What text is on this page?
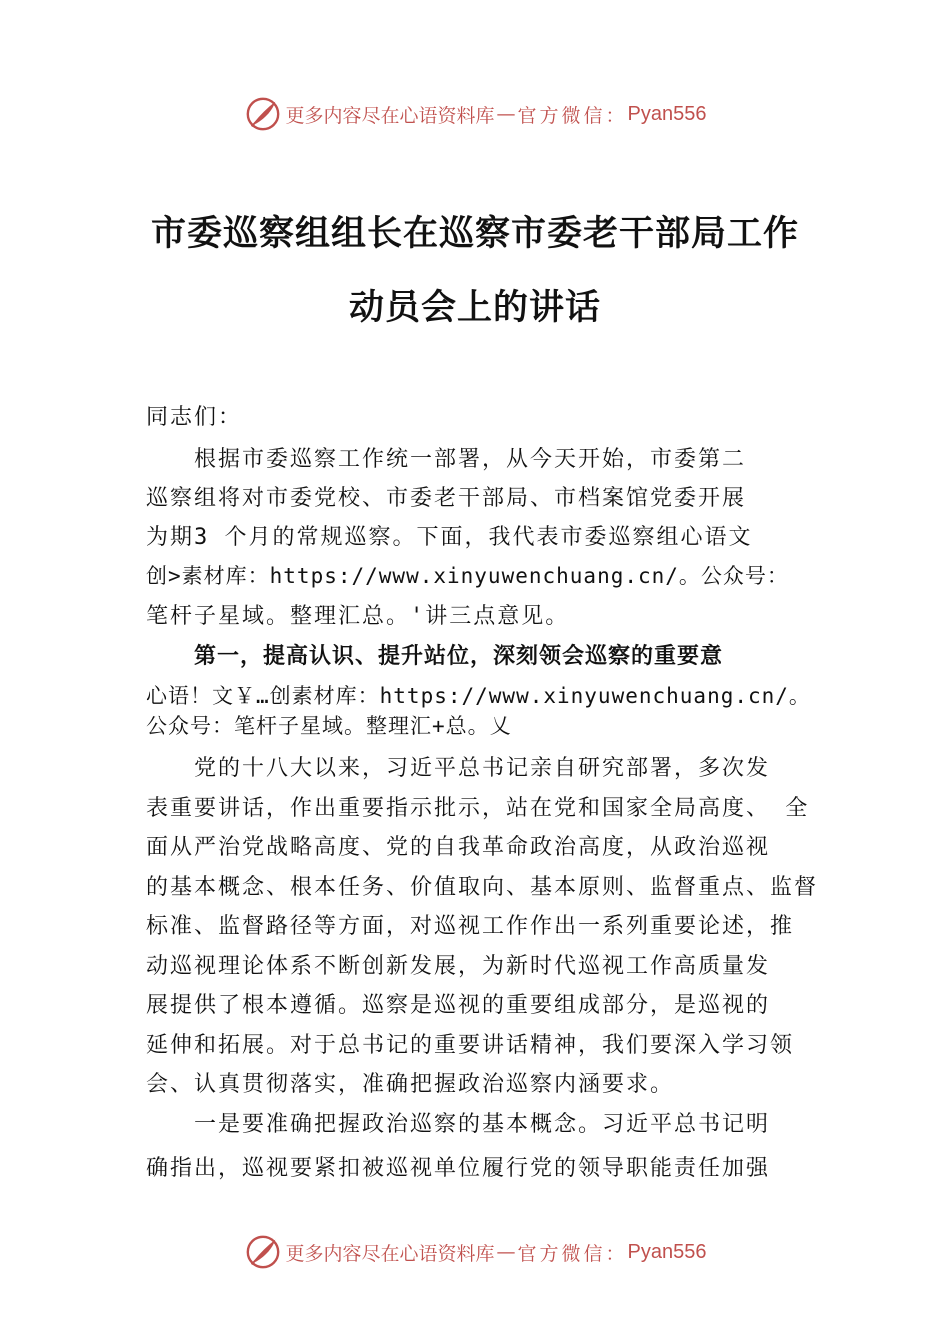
更多内容尽在心语资料库 — 官方微信： Pyan556
市委巡察组组长在巡察市委老干部局工作
动员会上的讲话
同志们：
根据市委巡察工作统一部署，从今天开始，市委第二
巡察组将对市委党校、市委老干部局、市档案馆党委开展
为期3 个月的常规巡察。下面，我代表市委巡察组心语文
创>素材库：https://www.xinyuwenchuang.cn/。公众号：
笔杆子星域。整理汇总。'讲三点意见。
第一，提高认识、提升站位，深刻领会巡察的重要意
心语！文￥…创素材库：https://www.xinyuwenchuang.cn/。
公众号：笔杆子星域。整理汇+总。乂
党的十八大以来，习近平总书记亲自研究部署，多次发
表重要讲话，作出重要指示批示，站在党和国家全局高度、 全
面从严治党战略高度、党的自我革命政治高度，从政治巡视
的基本概念、根本任务、价值取向、基本原则、监督重点、监督
标准、监督路径等方面，对巡视工作作出一系列重要论述，推
动巡视理论体系不断创新发展，为新时代巡视工作高质量发
展提供了根本遵循。巡察是巡视的重要组成部分，是巡视的
延伸和拓展。对于总书记的重要讲话精神，我们要深入学习领
会、认真贯彻落实，准确把握政治巡察内涵要求。
一是要准确把握政治巡察的基本概念。习近平总书记明
确指出，巡视要紧扣被巡视单位履行党的领导职能责任加强
更多内容尽在心语资料库 — 官方微信： Pyan556
